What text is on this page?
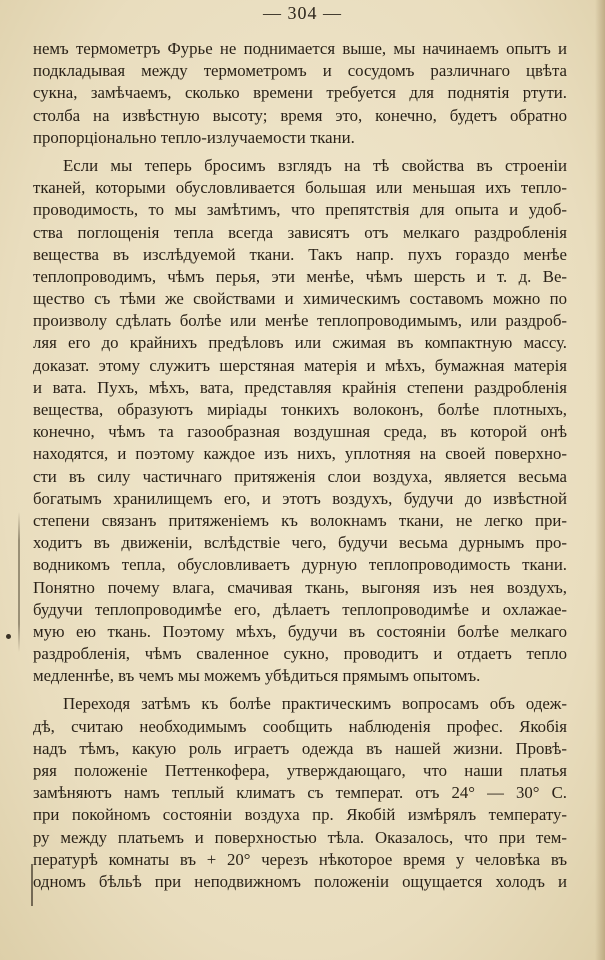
— 304 —
немъ термометръ Фурье не поднимается выше, мы начинаемъ опытъ и
подкладывая между термометромъ и сосудомъ различнаго цвѣта
сукна, замѣчаемъ, сколько времени требуется для поднятія ртути.
столба на извѣстную высоту; время это, конечно, будетъ обратно
пропорціонально тепло-излучаемости ткани.
Если мы теперь бросимъ взглядъ на тѣ свойства въ строеніи
тканей, которыми обусловливается большая или меньшая ихъ тепло-
проводимость, то мы замѣтимъ, что препятствія для опыта и удоб-
ства поглощенія тепла всегда зависятъ отъ мелкаго раздробленія
вещества въ изслѣдуемой ткани. Такъ напр. пухъ гораздо менѣе
теплопроводимъ, чѣмъ перья, эти менѣе, чѣмъ шерсть и т. д. Ве-
щество съ тѣми же свойствами и химическимъ составомъ можно по
произволу сдѣлать болѣе или менѣе теплопроводимымъ, или раздроб-
ляя его до крайнихъ предѣловъ или сжимая въ компактную массу.
доказат. этому служитъ шерстяная матерія и мѣхъ, бумажная матерія
и вата. Пухъ, мѣхъ, вата, представляя крайнія степени раздробленія
вещества, образуютъ миріады тонкихъ волоконъ, болѣе плотныхъ,
конечно, чѣмъ та газообразная воздушная среда, въ которой онѣ
находятся, и поэтому каждое изъ нихъ, уплотняя на своей поверхно-
сти въ силу частичнаго притяженія слои воздуха, является весьма
богатымъ хранилищемъ его, и этотъ воздухъ, будучи до извѣстной
степени связанъ притяженіемъ къ волокнамъ ткани, не легко при-
ходитъ въ движеніи, вслѣдствіе чего, будучи весьма дурнымъ про-
водникомъ тепла, обусловливаетъ дурную теплопроводимость ткани.
Понятно почему влага, смачивая ткань, выгоняя изъ нея воздухъ,
будучи теплопроводимѣе его, дѣлаетъ теплопроводимѣе и охлажае-
мую ею ткань. Поэтому мѣхъ, будучи въ состояніи болѣе мелкаго
раздробленія, чѣмъ сваленное сукно, проводитъ и отдаетъ тепло
медленнѣе, въ чемъ мы можемъ убѣдиться прямымъ опытомъ.
Переходя затѣмъ къ болѣе практическимъ вопросамъ объ одеж-
дѣ, считаю необходимымъ сообщить наблюденія профес. Якобія
надъ тѣмъ, какую роль играетъ одежда въ нашей жизни. Провѣ-
ряя положеніе Петтенкофера, утверждающаго, что наши платья
замѣняютъ намъ теплый климатъ съ температ. отъ 24° — 30° С.
при покойномъ состояніи воздуха пр. Якобій измѣрялъ температу-
ру между платьемъ и поверхностью тѣла. Оказалось, что при тем-
пературѣ комнаты въ + 20° черезъ нѣкоторое время у человѣка въ
одномъ бѣльѣ при неподвижномъ положеніи ощущается холодъ и
